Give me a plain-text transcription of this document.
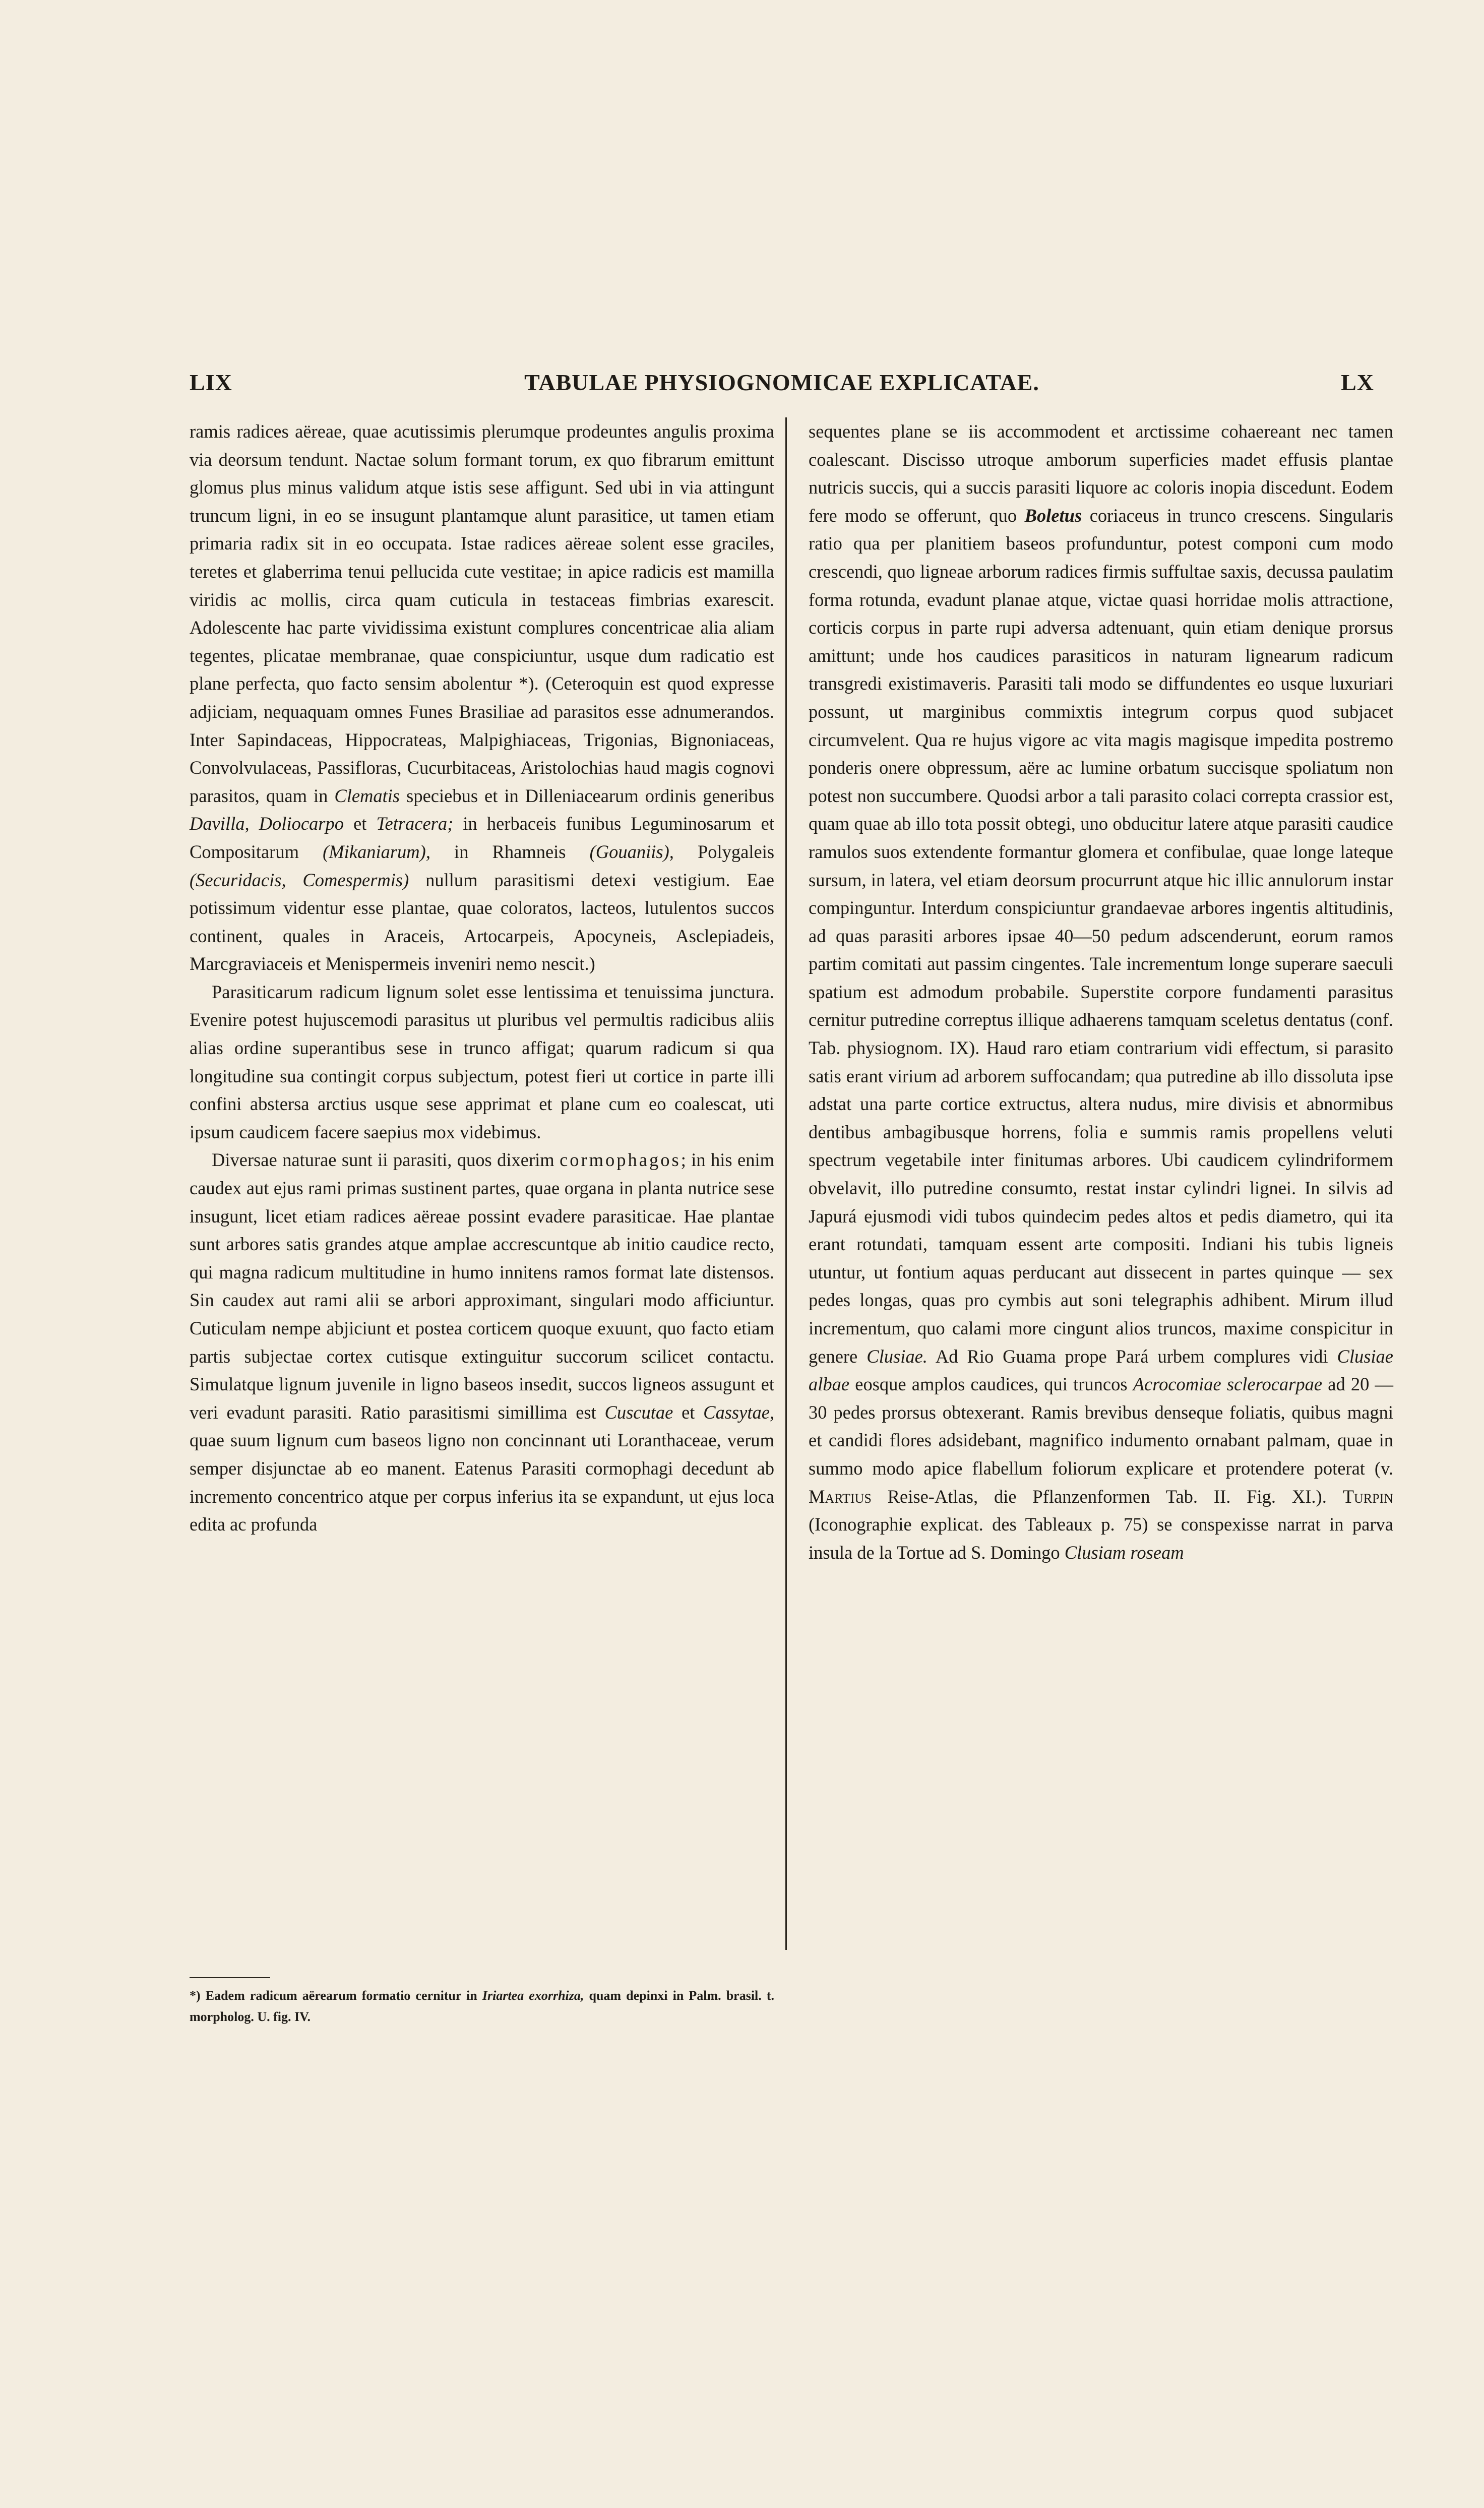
LIX	TABULAE PHYSIOGNOMICAE EXPLICATAE.	LX

ramis radices aëreae, quae acutissimis plerumque prodeuntes angulis proxima via deorsum tendunt. Nactae solum formant torum, ex quo fibrarum emittunt glomus plus minus validum atque istis sese affigunt. Sed ubi in via attingunt truncum ligni, in eo se insugunt plantamque alunt parasitice, ut tamen etiam primaria radix sit in eo occupata. Istae radices aëreae solent esse graciles, teretes et glaberrima tenui pellucida cute vestitae; in apice radicis est mamilla viridis ac mollis, circa quam cuticula in testaceas fimbrias exarescit. Adolescente hac parte vividissima existunt complures concentricae alia aliam tegentes, plicatae membranae, quae conspiciuntur, usque dum radicatio est plane perfecta, quo facto sensim abolentur *). (Ceteroquin est quod expresse adjiciam, nequaquam omnes Funes Brasiliae ad parasitos esse adnumerandos. Inter Sapindaceas, Hippocrateas, Malpighiaceas, Trigonias, Bignoniaceas, Convolvulaceas, Passifloras, Cucurbitaceas, Aristolochias haud magis cognovi parasitos, quam in Clematis speciebus et in Dilleniacearum ordinis generibus Davilla, Doliocarpo et Tetracera; in herbaceis funibus Leguminosarum et Compositarum (Mikaniarum), in Rhamneis (Gouaniis), Polygaleis (Securidacis, Comespermis) nullum parasitismi detexi vestigium. Eae potissimum videntur esse plantae, quae coloratos, lacteos, lutulentos succos continent, quales in Araceis, Artocarpeis, Apocyneis, Asclepiadeis, Marcgraviaceis et Menispermeis inveniri nemo nescit.)

Parasiticarum radicum lignum solet esse lentissima et tenuissima junctura. Evenire potest hujuscemodi parasitus ut pluribus vel permultis radicibus aliis alias ordine superantibus sese in trunco affigat; quarum radicum si qua longitudine sua contingit corpus subjectum, potest fieri ut cortice in parte illi confini abstersa arctius usque sese apprimat et plane cum eo coalescat, uti ipsum caudicem facere saepius mox videbimus.

Diversae naturae sunt ii parasiti, quos dixerim cormophagos; in his enim caudex aut ejus rami primas sustinent partes, quae organa in planta nutrice sese insugunt, licet etiam radices aëreae possint evadere parasiticae. Hae plantae sunt arbores satis grandes atque amplae accrescuntque ab initio caudice recto, qui magna radicum multitudine in humo innitens ramos format late distensos. Sin caudex aut rami alii se arbori approximant, singulari modo afficiuntur. Cuticulam nempe abjiciunt et postea corticem quoque exuunt, quo facto etiam partis subjectae cortex cutisque extinguitur succorum scilicet contactu. Simulatque lignum juvenile in ligno baseos insedit, succos ligneos assugunt et veri evadunt parasiti. Ratio parasitismi simillima est Cuscutae et Cassytae, quae suum lignum cum baseos ligno non concinnant uti Loranthaceae, verum semper disjunctae ab eo manent. Eatenus Parasiti cormophagi decedunt ab incremento concentrico atque per corpus inferius ita se expandunt, ut ejus loca edita ac profunda

*) Eadem radicum aërearum formatio cernitur in Iriartea exorrhiza, quam depinxi in Palm. brasil. t. morpholog. U. fig. IV.

sequentes plane se iis accommodent et arctissime cohaereant nec tamen coalescant. Discisso utroque amborum superficies madet effusis plantae nutricis succis, qui a succis parasiti liquore ac coloris inopia discedunt. Eodem fere modo se offerunt, quo Boletus coriaceus in trunco crescens. Singularis ratio qua per planitiem baseos profunduntur, potest componi cum modo crescendi, quo ligneae arborum radices firmis suffultae saxis, decussa paulatim forma rotunda, evadunt planae atque, victae quasi horridae molis attractione, corticis corpus in parte rupi adversa adtenuant, quin etiam denique prorsus amittunt; unde hos caudices parasiticos in naturam lignearum radicum transgredi existimaveris. Parasiti tali modo se diffundentes eo usque luxuriari possunt, ut marginibus commixtis integrum corpus quod subjacet circumvelent. Qua re hujus vigore ac vita magis magisque impedita postremo ponderis onere obpressum, aëre ac lumine orbatum succisque spoliatum non potest non succumbere. Quodsi arbor a tali parasito colaci correpta crassior est, quam quae ab illo tota possit obtegi, uno obducitur latere atque parasiti caudice ramulos suos extendente formantur glomera et confibulae, quae longe lateque sursum, in latera, vel etiam deorsum procurrunt atque hic illic annulorum instar compinguntur. Interdum conspiciuntur grandaevae arbores ingentis altitudinis, ad quas parasiti arbores ipsae 40—50 pedum adscenderunt, eorum ramos partim comitati aut passim cingentes. Tale incrementum longe superare saeculi spatium est admodum probabile. Superstite corpore fundamenti parasitus cernitur putredine correptus illique adhaerens tamquam sceletus dentatus (conf. Tab. physiognom. IX). Haud raro etiam contrarium vidi effectum, si parasito satis erant virium ad arborem suffocandam; qua putredine ab illo dissoluta ipse adstat una parte cortice extructus, altera nudus, mire divisis et abnormibus dentibus ambagibusque horrens, folia e summis ramis propellens veluti spectrum vegetabile inter finitumas arbores. Ubi caudicem cylindriformem obvelavit, illo putredine consumto, restat instar cylindri lignei. In silvis ad Japurá ejusmodi vidi tubos quindecim pedes altos et pedis diametro, qui ita erant rotundati, tamquam essent arte compositi. Indiani his tubis ligneis utuntur, ut fontium aquas perducant aut dissecent in partes quinque — sex pedes longas, quas pro cymbis aut soni telegraphis adhibent. Mirum illud incrementum, quo calami more cingunt alios truncos, maxime conspicitur in genere Clusiae. Ad Rio Guama prope Pará urbem complures vidi Clusiae albae eosque amplos caudices, qui truncos Acrocomiae sclerocarpae ad 20 — 30 pedes prorsus obtexerant. Ramis brevibus denseque foliatis, quibus magni et candidi flores adsidebant, magnifico indumento ornabant palmam, quae in summo modo apice flabellum foliorum explicare et protendere poterat (v. Martius Reise-Atlas, die Pflanzenformen Tab. II. Fig. XI.). Turpin (Iconographie explicat. des Tableaux p. 75) se conspexisse narrat in parva insula de la Tortue ad S. Domingo Clusiam roseam
